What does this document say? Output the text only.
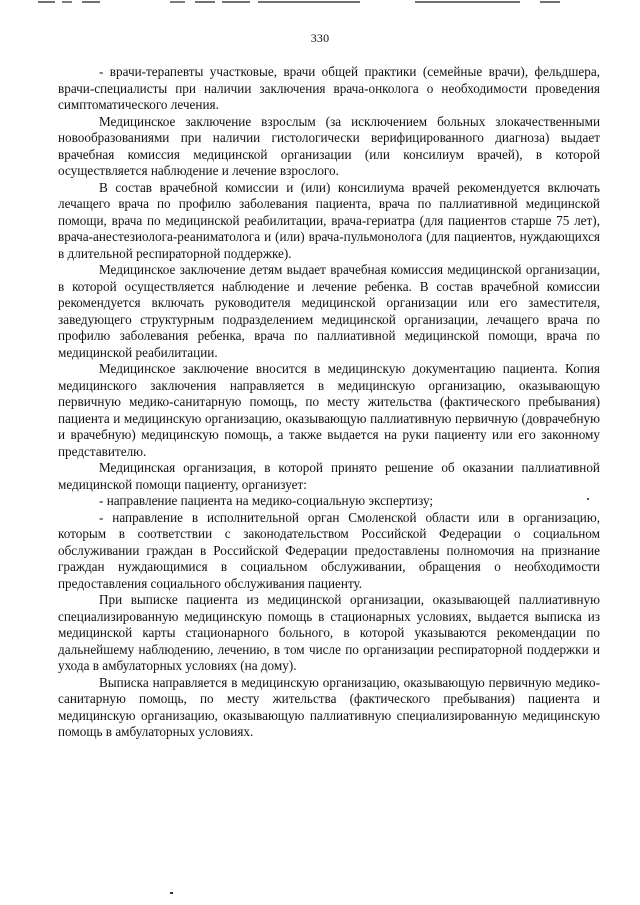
330

- врачи-терапевты участковые, врачи общей практики (семейные врачи), фельдшера, врачи-специалисты при наличии заключения врача-онколога о необходимости проведения симптоматического лечения.

Медицинское заключение взрослым (за исключением больных злокачественными новообразованиями при наличии гистологически верифицированного диагноза) выдает врачебная комиссия медицинской организации (или консилиум врачей), в которой осуществляется наблюдение и лечение взрослого.

В состав врачебной комиссии и (или) консилиума врачей рекомендуется включать лечащего врача по профилю заболевания пациента, врача по паллиативной медицинской помощи, врача по медицинской реабилитации, врача-гериатра (для пациентов старше 75 лет), врача-анестезиолога-реаниматолога и (или) врача-пульмонолога (для пациентов, нуждающихся в длительной респираторной поддержке).

Медицинское заключение детям выдает врачебная комиссия медицинской организации, в которой осуществляется наблюдение и лечение ребенка. В состав врачебной комиссии рекомендуется включать руководителя медицинской организации или его заместителя, заведующего структурным подразделением медицинской организации, лечащего врача по профилю заболевания ребенка, врача по паллиативной медицинской помощи, врача по медицинской реабилитации.

Медицинское заключение вносится в медицинскую документацию пациента. Копия медицинского заключения направляется в медицинскую организацию, оказывающую первичную медико-санитарную помощь, по месту жительства (фактического пребывания) пациента и медицинскую организацию, оказывающую паллиативную первичную (доврачебную и врачебную) медицинскую помощь, а также выдается на руки пациенту или его законному представителю.

Медицинская организация, в которой принято решение об оказании паллиативной медицинской помощи пациенту, организует:

- направление пациента на медико-социальную экспертизу;

- направление в исполнительной орган Смоленской области или в организацию, которым в соответствии с законодательством Российской Федерации о социальном обслуживании граждан в Российской Федерации предоставлены полномочия на признание граждан нуждающимися в социальном обслуживании, обращения о необходимости предоставления социального обслуживания пациенту.

При выписке пациента из медицинской организации, оказывающей паллиативную специализированную медицинскую помощь в стационарных условиях, выдается выписка из медицинской карты стационарного больного, в которой указываются рекомендации по дальнейшему наблюдению, лечению, в том числе по организации респираторной поддержки и ухода в амбулаторных условиях (на дому).

Выписка направляется в медицинскую организацию, оказывающую первичную медико-санитарную помощь, по месту жительства (фактического пребывания) пациента и медицинскую организацию, оказывающую паллиативную специализированную медицинскую помощь в амбулаторных условиях.
